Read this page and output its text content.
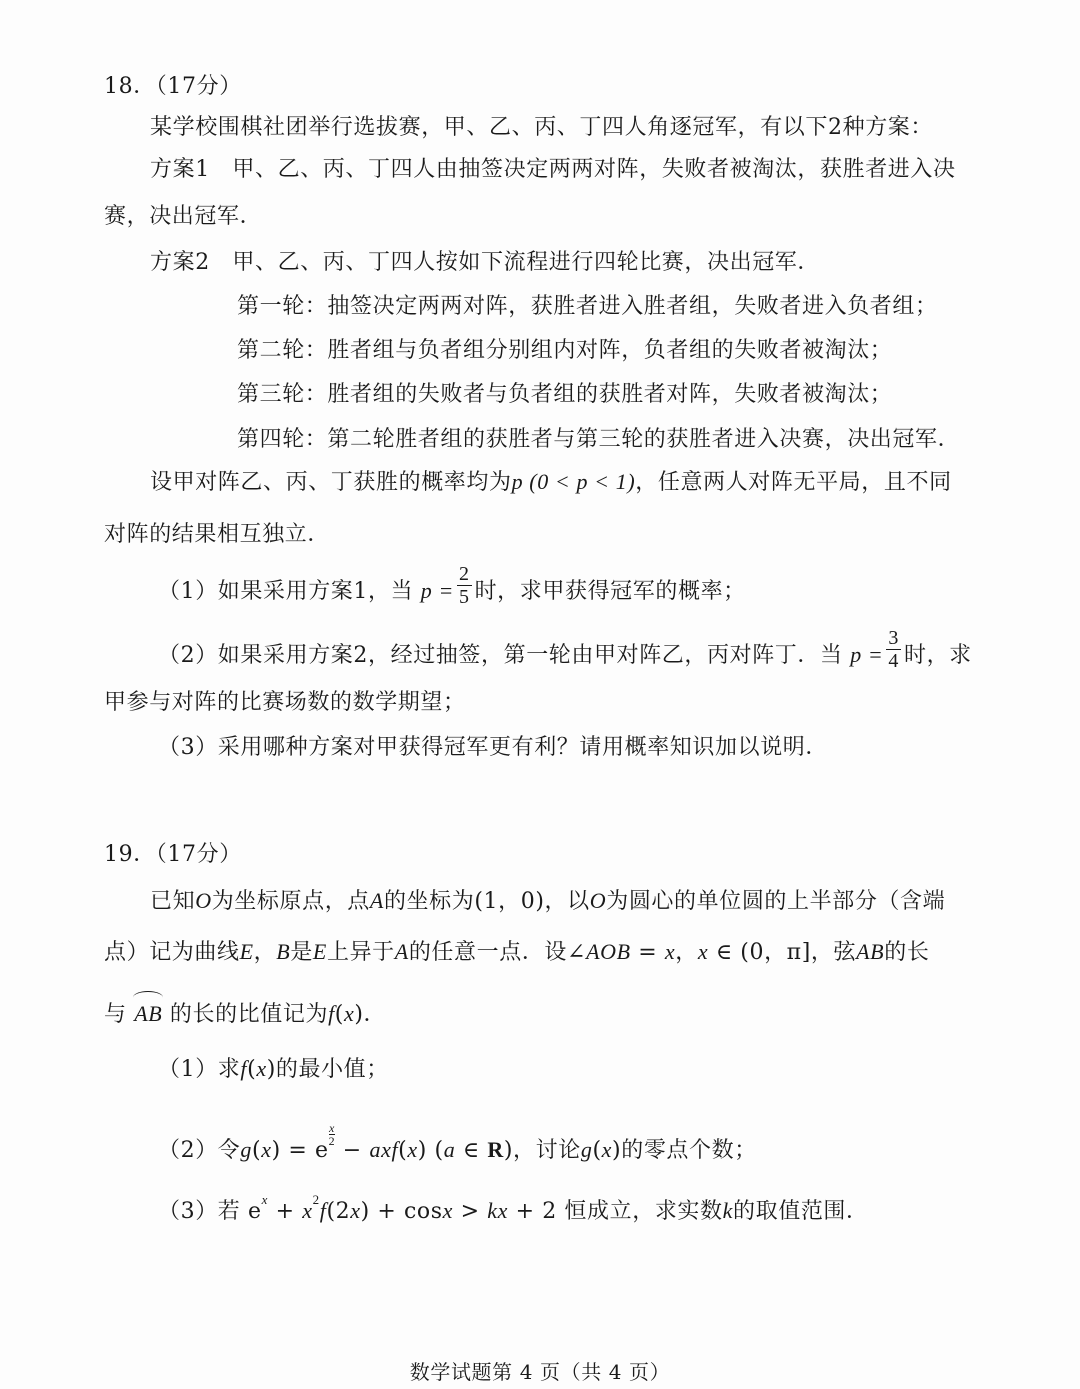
18．（17分）
某学校围棋社团举行选拔赛，甲、乙、丙、丁四人角逐冠军，有以下2种方案：
方案1　甲、乙、丙、丁四人由抽签决定两两对阵，失败者被淘汰，获胜者进入决
赛，决出冠军．
方案2　甲、乙、丙、丁四人按如下流程进行四轮比赛，决出冠军．
第一轮：抽签决定两两对阵，获胜者进入胜者组，失败者进入负者组；
第二轮：胜者组与负者组分别组内对阵，负者组的失败者被淘汰；
第三轮：胜者组的失败者与负者组的获胜者对阵，失败者被淘汰；
第四轮：第二轮胜者组的获胜者与第三轮的获胜者进入决赛，决出冠军．
设甲对阵乙、丙、丁获胜的概率均为p (0 < p < 1)，任意两人对阵无平局，且不同
对阵的结果相互独立．
（1）如果采用方案1，当 $p = \frac{2}{5}$ 时，求甲获得冠军的概率；
（2）如果采用方案2，经过抽签，第一轮由甲对阵乙，丙对阵丁．当 $p = \frac{3}{4}$ 时，求
甲参与对阵的比赛场数的数学期望；
（3）采用哪种方案对甲获得冠军更有利？请用概率知识加以说明．
19．（17分）
已知O为坐标原点，点A的坐标为(1，0)，以O为圆心的单位圆的上半部分（含端
点）记为曲线E，B是E上异于A的任意一点．设∠AOB = x，x ∈ (0，π]，弦AB的长
与 AB 的长的比值记为f(x)．
（1）求f(x)的最小值；
（2）令g(x) = e
$\frac{x}{2}$
− axf(x) (a ∈ R)，讨论g(x)的零点个数；
（3）若 $e^x + x^2f(2x) + \cos x$ > kx + 2 恒成立，求实数k的取值范围．
数学试题第 4 页（共 4 页）
